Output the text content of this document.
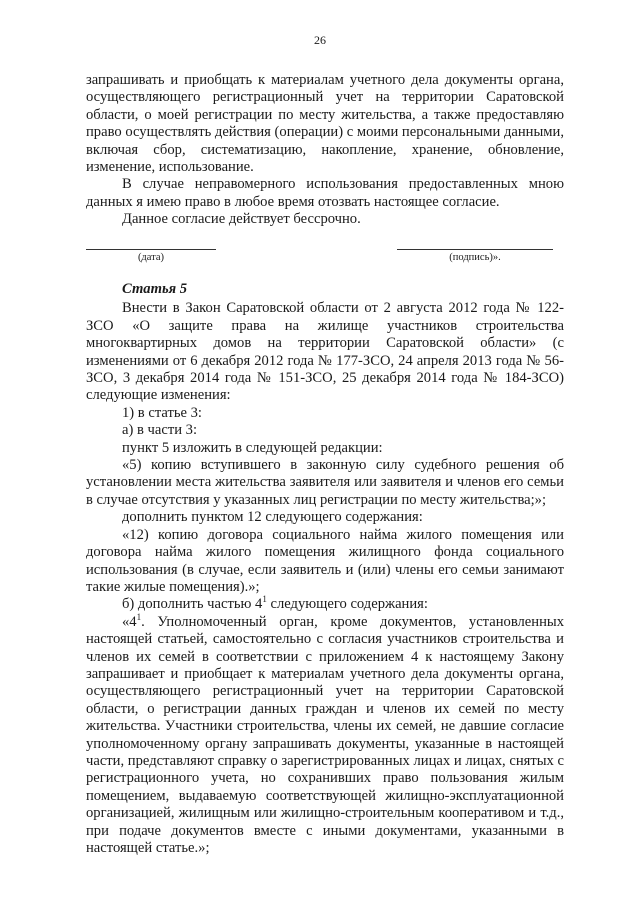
26

запрашивать и приобщать к материалам учетного дела документы органа, осуществляющего регистрационный учет на территории Саратовской области, о моей регистрации по месту жительства, а также предоставляю право осуществлять действия (операции) с моими персональными данными, включая сбор, систематизацию, накопление, хранение, обновление, изменение, использование.

В случае неправомерного использования предоставленных мною данных я имею право в любое время отозвать настоящее согласие.

Данное согласие действует бессрочно.

(дата)	(подпись)».

Статья 5

Внести в Закон Саратовской области от 2 августа 2012 года № 122-ЗСО «О защите права на жилище участников строительства многоквартирных домов на территории Саратовской области» (с изменениями от 6 декабря 2012 года № 177-ЗСО, 24 апреля 2013 года № 56-ЗСО, 3 декабря 2014 года № 151-ЗСО, 25 декабря 2014 года № 184-ЗСО) следующие изменения:

1) в статье 3:

а) в части 3:

пункт 5 изложить в следующей редакции:

«5) копию вступившего в законную силу судебного решения об установлении места жительства заявителя или заявителя и членов его семьи в случае отсутствия у указанных лиц регистрации по месту жительства;»;

дополнить пунктом 12 следующего содержания:

«12) копию договора социального найма жилого помещения или договора найма жилого помещения жилищного фонда социального использования (в случае, если заявитель и (или) члены его семьи занимают такие жилые помещения).»;

б) дополнить частью $4^1$ следующего содержания:

«$4^1$. Уполномоченный орган, кроме документов, установленных настоящей статьей, самостоятельно с согласия участников строительства и членов их семей в соответствии с приложением 4 к настоящему Закону запрашивает и приобщает к материалам учетного дела документы органа, осуществляющего регистрационный учет на территории Саратовской области, о регистрации данных граждан и членов их семей по месту жительства. Участники строительства, члены их семей, не давшие согласие уполномоченному органу запрашивать документы, указанные в настоящей части, представляют справку о зарегистрированных лицах и лицах, снятых с регистрационного учета, но сохранивших право пользования жилым помещением, выдаваемую соответствующей жилищно-эксплуатационной организацией, жилищным или жилищно-строительным кооперативом и т.д., при подаче документов вместе с иными документами, указанными в настоящей статье.»;
